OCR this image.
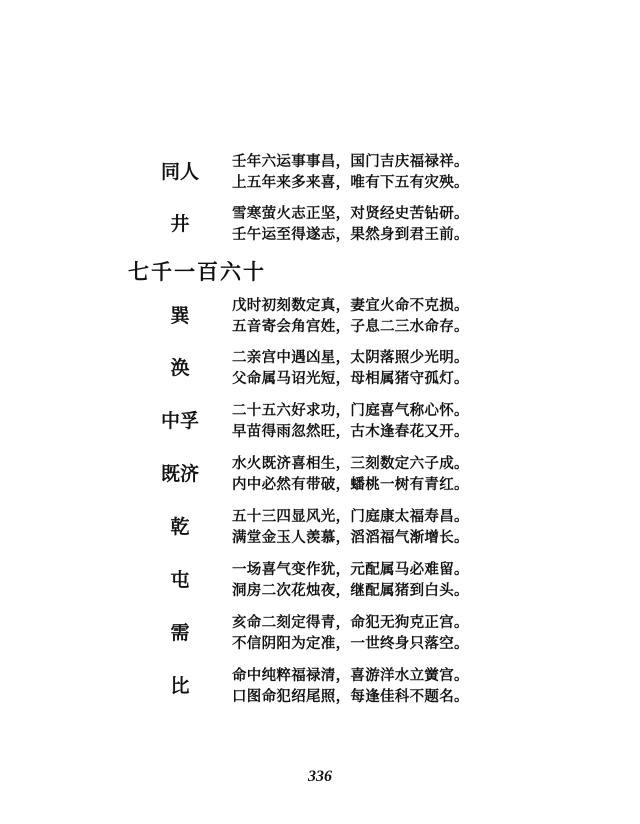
同人	壬年六运事事昌，国门吉庆福禄祥。
上五年来多来喜，唯有下五有灾殃。
井	雪寒萤火志正坚，对贤经史苦钻研。
壬午运至得遂志，果然身到君王前。
七千一百六十
巽	戊时初刻数定真，妻宜火命不克损。
五音寄会角宫姓，子息二三水命存。
涣	二亲宫中遇凶星，太阴落照少光明。
父命属马诏光短，母相属猪守孤灯。
中孚	二十五六好求功，门庭喜气称心怀。
早苗得雨忽然旺，古木逢春花又开。
既济	水火既济喜相生，三刻数定六子成。
内中必然有带破，蟠桃一树有青红。
乾	五十三四显风光，门庭康太福寿昌。
满堂金玉人羡慕，滔滔福气渐增长。
屯	一场喜气变作犹，元配属马必难留。
洞房二次花烛夜，继配属猪到白头。
需	亥命二刻定得青，命犯无狗克正宫。
不信阴阳为定准，一世终身只落空。
比	命中纯粹福禄清，喜游洋水立黉宫。
口图命犯绍尾照，每逢佳科不题名。
336
